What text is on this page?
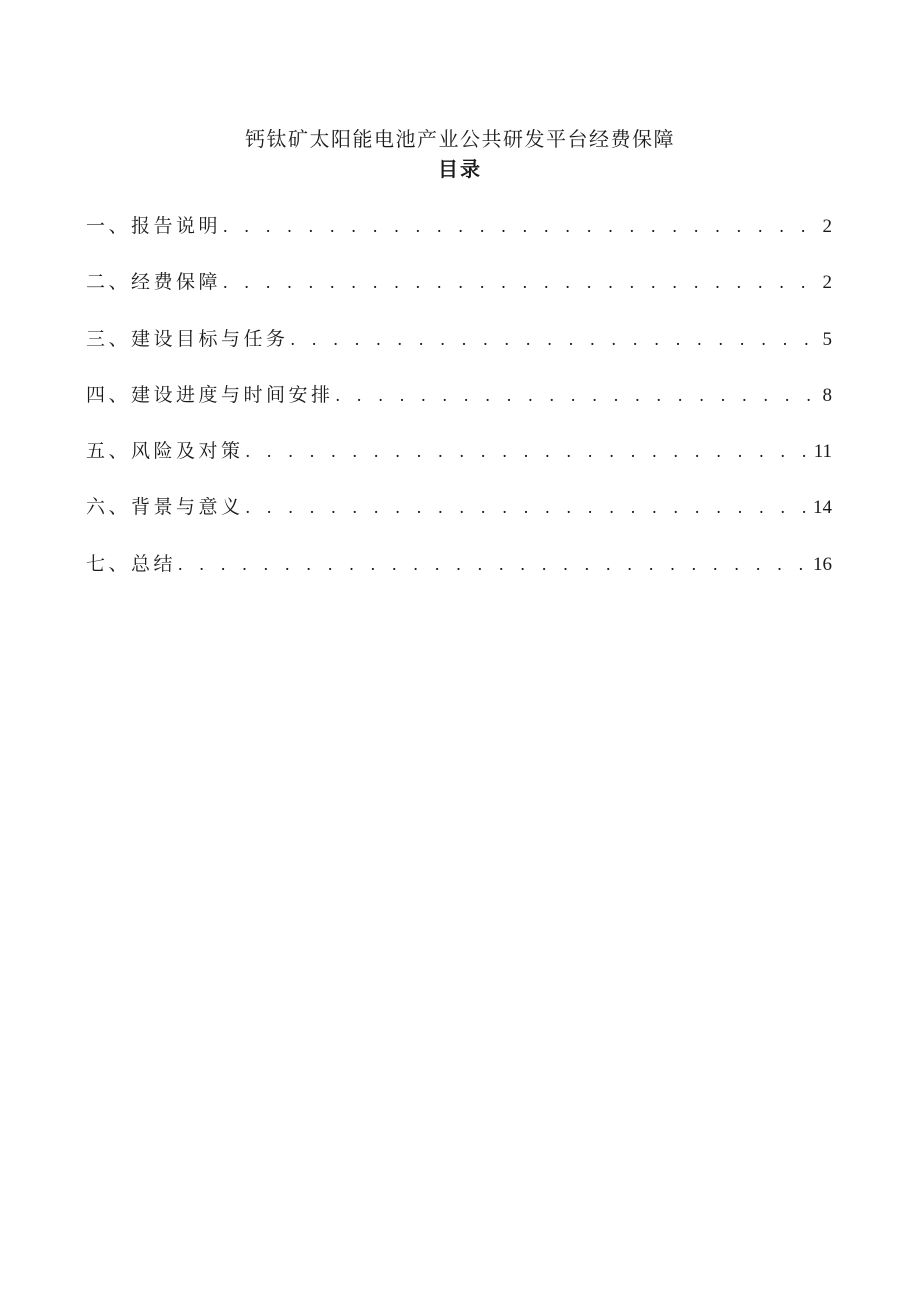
钙钛矿太阳能电池产业公共研发平台经费保障
目录
一、报告说明 . . .	2
二、经费保障 . . .	2
三、建设目标与任务 . . .	5
四、建设进度与时间安排 . . .	8
五、风险及对策 . . .	11
六、背景与意义 . . .	14
七、总结 . . .	16
